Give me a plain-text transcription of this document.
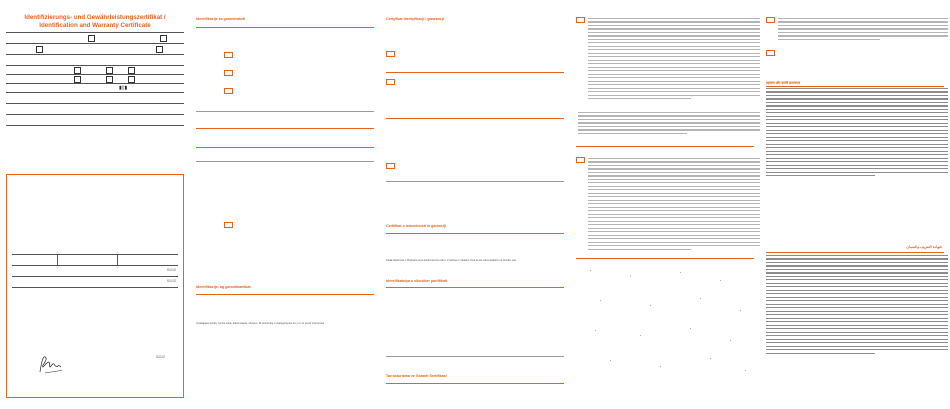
Identifizierungs- und Gewährleistungszertifikat /
Identification and Warranty Certificate
▮▯▮
01/12
01/12
01/12
Identifikacije za garantiraketi
Identifikacije- ag garantikantikat
Unalagawa sotulit, na tha soka, diaherwaara, uliciaun. Ri terminuluj u uvatagudynea itu y im te pentir intuturuwa
Certyfikat identyfikacji i gwarancji
Certifikat o istovetnosti in garanciji
Kada iidsazanie z fiftyikazu-iona anidnivazonu nabu. V ariinasi z naulaini ziwa ja aia naluvurakaciu na hinoila, pav
Identifikatsiya u sikusiber partifikati
Tarrusturiama ve Garanti Sertifikasi
पहचान और वारंटी प्रमाणपत्र
شهادة التعريف والضمان
